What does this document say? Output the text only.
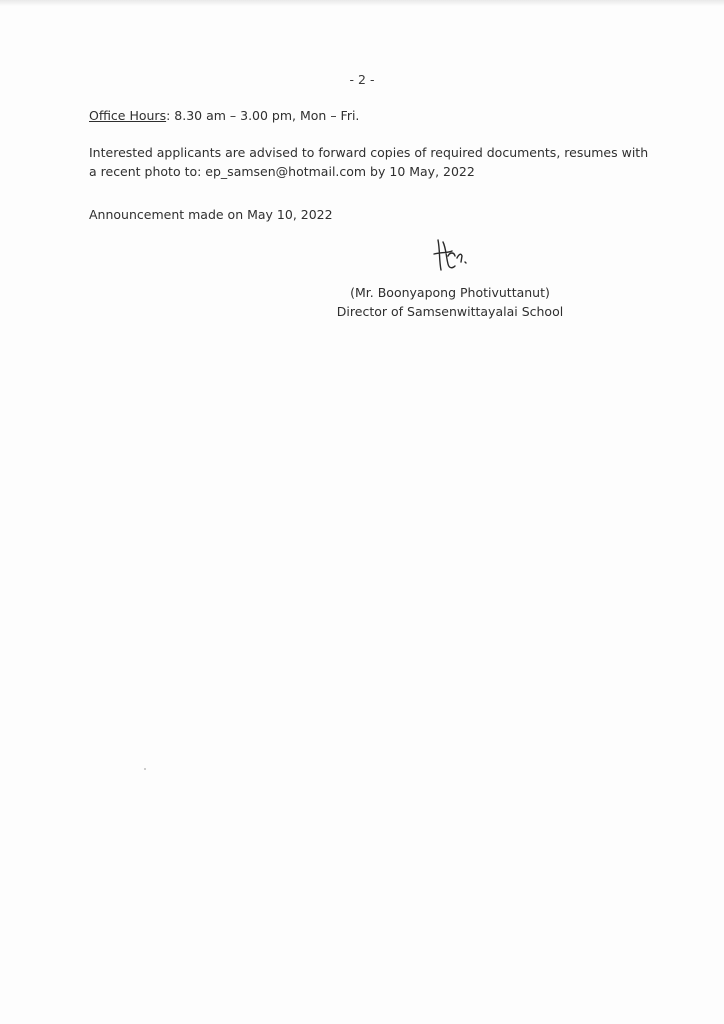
- 2 -
Office Hours: 8.30 am – 3.00 pm, Mon – Fri.
Interested applicants are advised to forward copies of required documents, resumes with
a recent photo to: ep_samsen@hotmail.com by 10 May, 2022
Announcement made on May 10, 2022
(Mr. Boonyapong Photivuttanut)
Director of Samsenwittayalai School
